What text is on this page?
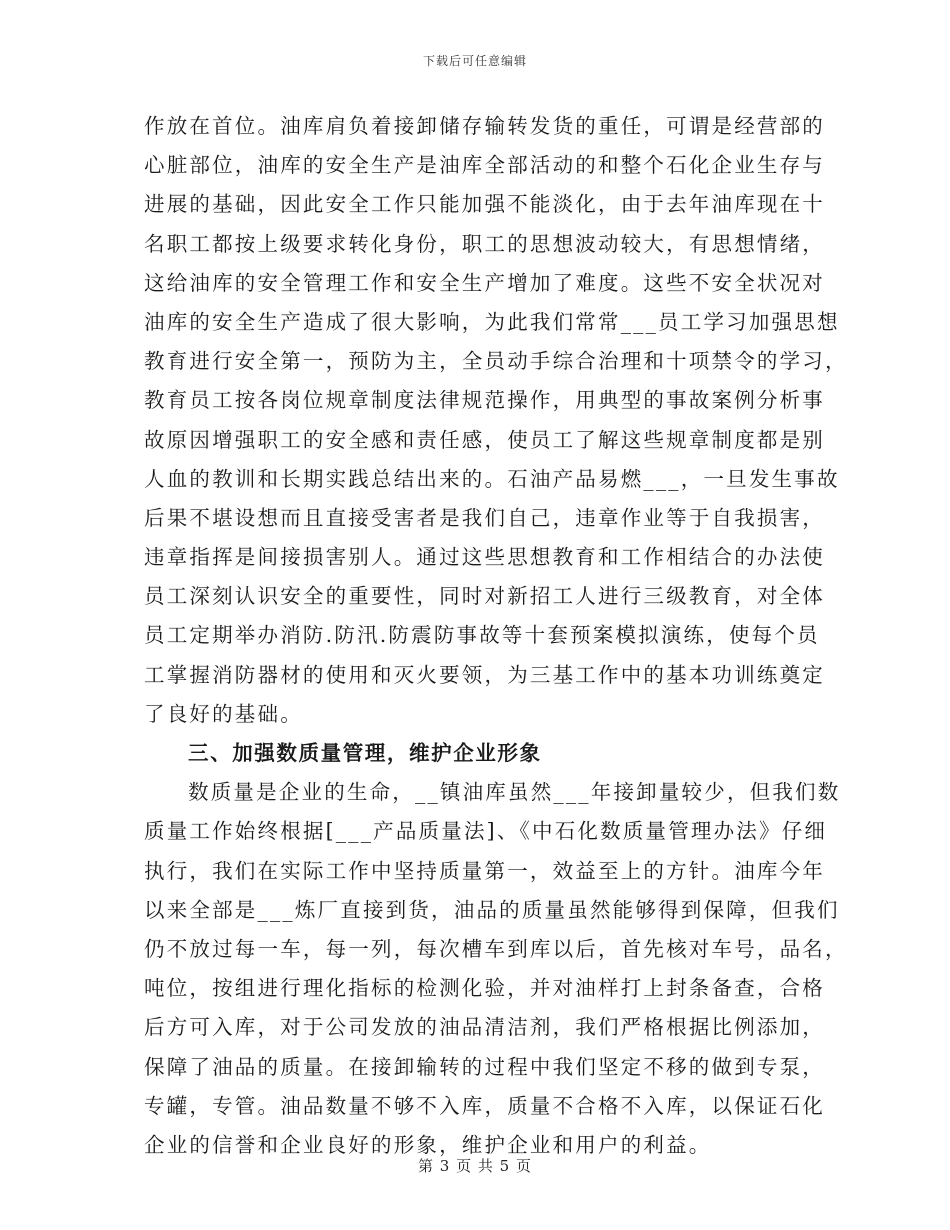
下载后可任意编辑
作放在首位。油库肩负着接卸储存输转发货的重任，可谓是经营部的
心脏部位，油库的安全生产是油库全部活动的和整个石化企业生存与
进展的基础，因此安全工作只能加强不能淡化，由于去年油库现在十
名职工都按上级要求转化身份，职工的思想波动较大，有思想情绪，
这给油库的安全管理工作和安全生产增加了难度。这些不安全状况对
油库的安全生产造成了很大影响，为此我们常常___员工学习加强思想
教育进行安全第一，预防为主，全员动手综合治理和十项禁令的学习，
教育员工按各岗位规章制度法律规范操作，用典型的事故案例分析事
故原因增强职工的安全感和责任感，使员工了解这些规章制度都是别
人血的教训和长期实践总结出来的。石油产品易燃___，一旦发生事故
后果不堪设想而且直接受害者是我们自己，违章作业等于自我损害，
违章指挥是间接损害别人。通过这些思想教育和工作相结合的办法使
员工深刻认识安全的重要性，同时对新招工人进行三级教育，对全体
员工定期举办消防.防汛.防震防事故等十套预案模拟演练，使每个员
工掌握消防器材的使用和灭火要领，为三基工作中的基本功训练奠定
了良好的基础。
三、加强数质量管理，维护企业形象
数质量是企业的生命，__镇油库虽然___年接卸量较少，但我们数
质量工作始终根据[___产品质量法]、《中石化数质量管理办法》仔细
执行，我们在实际工作中坚持质量第一，效益至上的方针。油库今年
以来全部是___炼厂直接到货，油品的质量虽然能够得到保障，但我们
仍不放过每一车，每一列，每次槽车到库以后，首先核对车号，品名，
吨位，按组进行理化指标的检测化验，并对油样打上封条备查，合格
后方可入库，对于公司发放的油品清洁剂，我们严格根据比例添加，
保障了油品的质量。在接卸输转的过程中我们坚定不移的做到专泵，
专罐，专管。油品数量不够不入库，质量不合格不入库，以保证石化
企业的信誉和企业良好的形象，维护企业和用户的利益。
第 3 页 共 5 页
